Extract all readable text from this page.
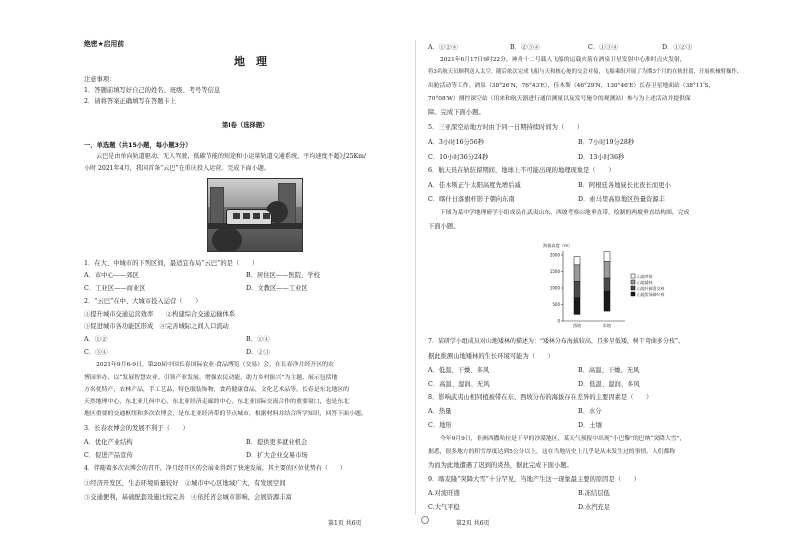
绝密★启用前
地　理
注意事项：
1．答题前填写好自己的姓名、班级、考号等信息
2．请将答案正确填写在答题卡上
第Ⅰ卷（选择题）
一、单选题（共15小题，每小题3分）
云巴是由单向轨道驱动、无人驾驶、低碳节能的短途和小运量轨道交通系统，平均速度不超过25Km/
小时 2021年4月，我国首条“云巴”在重庆投入运营。完成下面小题。
1．在大、中城市的下列区间，最适宜布局“云巴”的是（　　）
A．市中心——郊区	B．居住区——医院、学校
C．工业区——商业区	D．文教区——工业区
2．“云巴”在中、大城市投入运营（　　）
①提升城市交通运营效率　　②构建综合交通运输体系
③促进城市各功能区形成　④完善城际之间人口流动
A．①②	B．①④
C．③④	D．②③
2021年9月6-9日，第20届中国长春国际农业·食品博览（交易）会，在长春净月经开区的农
博园举办，以“发展智慧农业、引领产业发展、增强农民动能，助力乡村振兴”为主题，展示包括地
方名优特产，农林产品，手工艺品，特色服装饰物，食药健康食品，文化艺术品等。长春是东北地区的
天然地理中心，东北亚几何中心、东北亚经济走廊的中心，东北亚国际交流合作的重要窗口，也是东北
地区重要的交通枢纽和多次农博会，是东北亚经济带的节点城市，根据材料并结合所学知识，回答下面小题。
3．长春农博会的发展不利于（　　）
A．优化产业结构	B．提供更多就业机会
C．促进产品宣传	D．扩大企业交易市场
4．伴随着多次农博会的召开，净月经开区的会展业得到了快速发展，其主要的区位优势有（　　）
①经济开发区，生态环境质量较好　②城市中心区地域广大，有发展空间
③交通便利，基础配套设施比较完善　④依托省会城市影响，会展资源丰富
第1页 共6页
A．①②④	B．②③④	C．①③④	D．①②③
2021年6月17日9时22分，神舟十二号载人飞船的运载火箭在酒泉卫星发射中心准时点火发射，
将3名航天员顺利送入太空。随后依次完成飞船与天和核心舱的交会对接，飞船乘组开展了为期3个月的在轨驻留，开展机械臂操作、
出舱活动等工作。酒泉（38°26′N，76°43′E），佳木斯（46°29′N，130°46′E）长春卫星地面站（38°11′S，
70°08′W）测控深空站（用来和航天器进行通信测量以及发号施令的观测站）参与为上述活动并提供保
障。完成下面小题。
5．三亚深空站地方时由于同一日期持续时间为（　　）
A．3小时16分56秒	B．7小时19分28秒
C．10小时36分24秒	D．13小时36秒
6．航天员在轨驻留期间，地球上不可能出现的地理现象是（　　）
A．佳木斯正午太阳高度先增后减	B．阿根廷各地昼长比夜长而更小
C．喀什日落旗杆影子朝向东南	D．索马里高原地区热量资源丰
下图为某中学地理研学小组成员在武夷山东、西坡考察山地垂直带，绘制的两坡垂直结构图。完成
下面小题。
海拔高度（m）
2000
1500
1000
500
0
西坡	东坡
山地草甸
山地矮林
山地针阔混交林
山地常绿阔叶林
7．某研学小组成员对山地矮林的描述为：“矮林分布海拔较高，且多呈低矮，树干弯曲多分枝”。
据此推测山地矮林的生长环境可能为（　　）
A．低温、干燥、多风	B．高温、干燥、无风
C．高温、湿润、无风	D．低温、湿润、多风
8．影响武夷山相同植被带在东、西坡分布的海拔存在差异的主要因素是（　　）
A．热量	B．水分
C．地形	D．土壤
今年9月9日，非洲西撒哈拉是干旱的沙漠地区，某天气预报中出现“小巴黎”的巴纳“突降大雪”，
据悉，很多地方的积雪厚度达到5公分以上，这在当地历史上几乎是从未发生过的事情，人们都称
为而为此地遭遇了迟到的炎热，据此完成下面小题。
9．喀麦隆“突降大雪”十分罕见，当地产生这一现象最主要的原因是（　　）
A.对流旺盛	B.冻结层低
C.大气平稳	D.水汽充足
第2页 共6页
